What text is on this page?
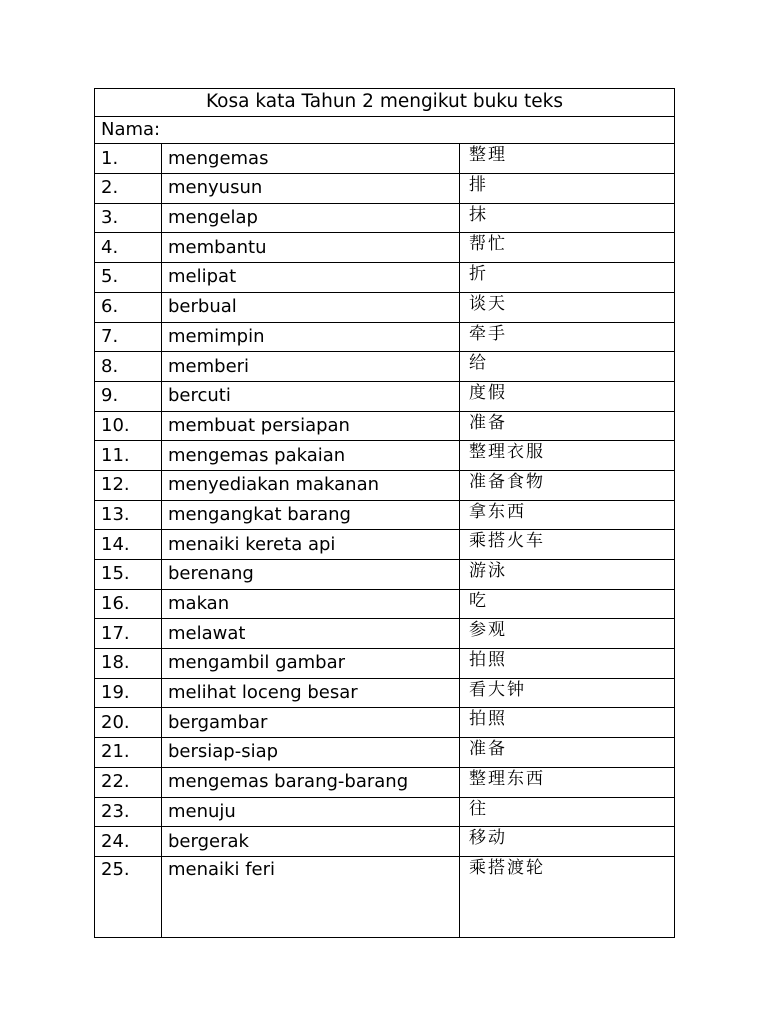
Kosa kata Tahun 2 mengikut buku teks		
Nama:		
1.	mengemas	整理
2.	menyusun	排
3.	mengelap	抹
4.	membantu	帮忙
5.	melipat	折
6.	berbual	谈天
7.	memimpin	牵手
8.	memberi	给
9.	bercuti	度假
10.	membuat persiapan	准备
11.	mengemas pakaian	整理衣服
12.	menyediakan makanan	准备食物
13.	mengangkat barang	拿东西
14.	menaiki kereta api	乘搭火车
15.	berenang	游泳
16.	makan	吃
17.	melawat	参观
18.	mengambil gambar	拍照
19.	melihat loceng besar	看大钟
20.	bergambar	拍照
21.	bersiap-siap	准备
22.	mengemas barang-barang	整理东西
23.	menuju	往
24.	bergerak	移动
25.	menaiki feri	乘搭渡轮
